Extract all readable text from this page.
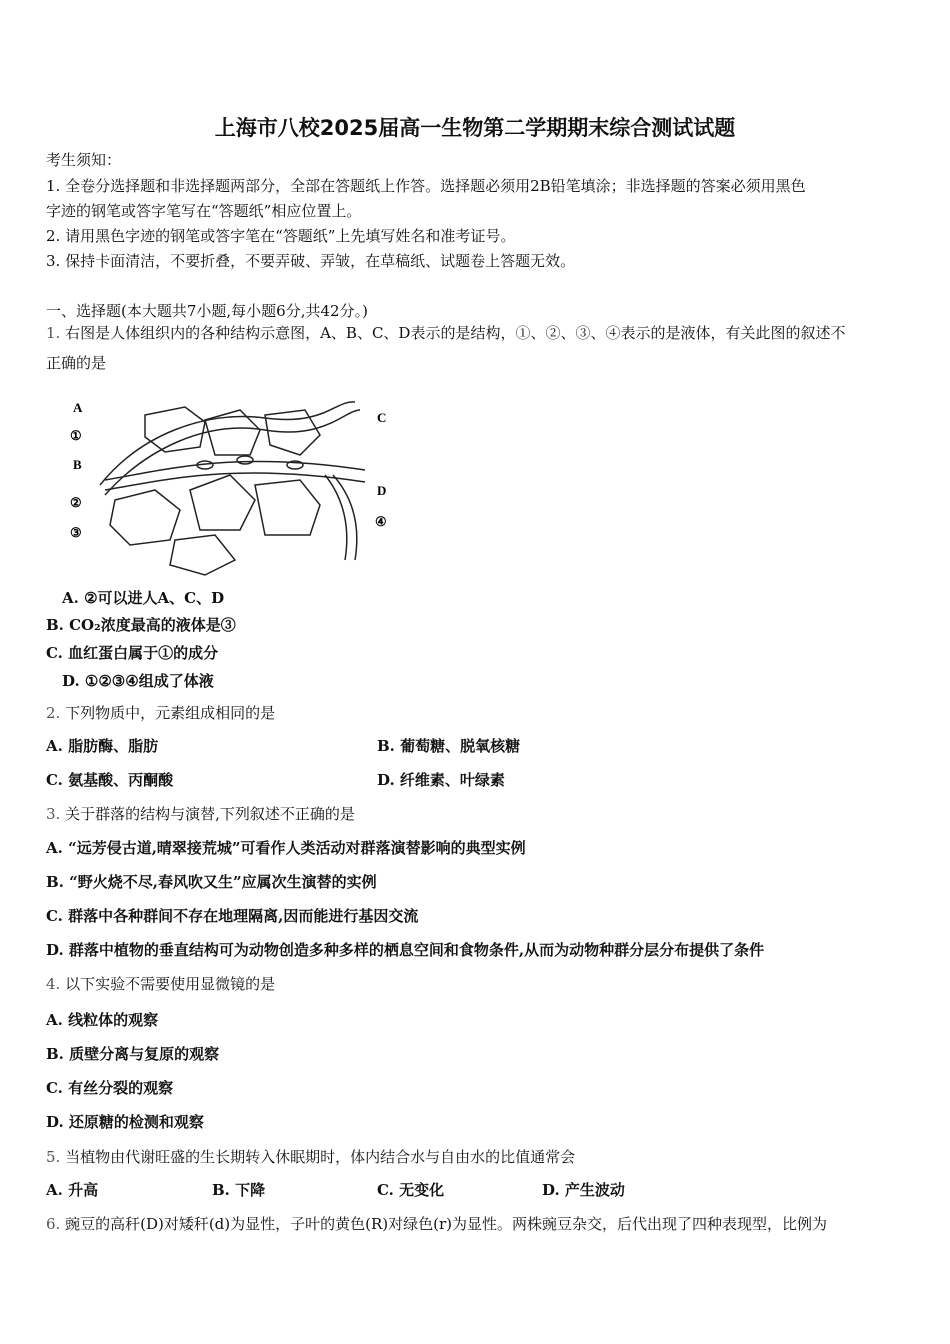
上海市八校2025届高一生物第二学期期末综合测试试题
考生须知：
1. 全卷分选择题和非选择题两部分，全部在答题纸上作答。选择题必须用2B铅笔填涂；非选择题的答案必须用黑色
字迹的钢笔或答字笔写在“答题纸”相应位置上。
2. 请用黑色字迹的钢笔或答字笔在“答题纸”上先填写姓名和准考证号。
3. 保持卡面清洁，不要折叠，不要弄破、弄皱，在草稿纸、试题卷上答题无效。
一、选择题(本大题共7小题,每小题6分,共42分。)
1. 右图是人体组织内的各种结构示意图，A、B、C、D表示的是结构，①、②、③、④表示的是液体，有关此图的叙述不
正确的是
A
①
B
②
③
C
D
④
A. ②可以进人A、C、D
B. CO₂浓度最高的液体是③
C. 血红蛋白属于①的成分
D. ①②③④组成了体液
2. 下列物质中，元素组成相同的是
A. 脂肪酶、脂肪	B. 葡萄糖、脱氧核糖
C. 氨基酸、丙酮酸	D. 纤维素、叶绿素
3. 关于群落的结构与演替,下列叙述不正确的是
A. “远芳侵古道,晴翠接荒城”可看作人类活动对群落演替影响的典型实例
B. “野火烧不尽,春风吹又生”应属次生演替的实例
C. 群落中各种群间不存在地理隔离,因而能进行基因交流
D. 群落中植物的垂直结构可为动物创造多种多样的栖息空间和食物条件,从而为动物种群分层分布提供了条件
4. 以下实验不需要使用显微镜的是
A. 线粒体的观察
B. 质壁分离与复原的观察
C. 有丝分裂的观察
D. 还原糖的检测和观察
5. 当植物由代谢旺盛的生长期转入休眠期时，体内结合水与自由水的比值通常会
A. 升高	B. 下降	C. 无变化	D. 产生波动
6. 豌豆的高秆(D)对矮秆(d)为显性，子叶的黄色(R)对绿色(r)为显性。两株豌豆杂交，后代出现了四种表现型，比例为
